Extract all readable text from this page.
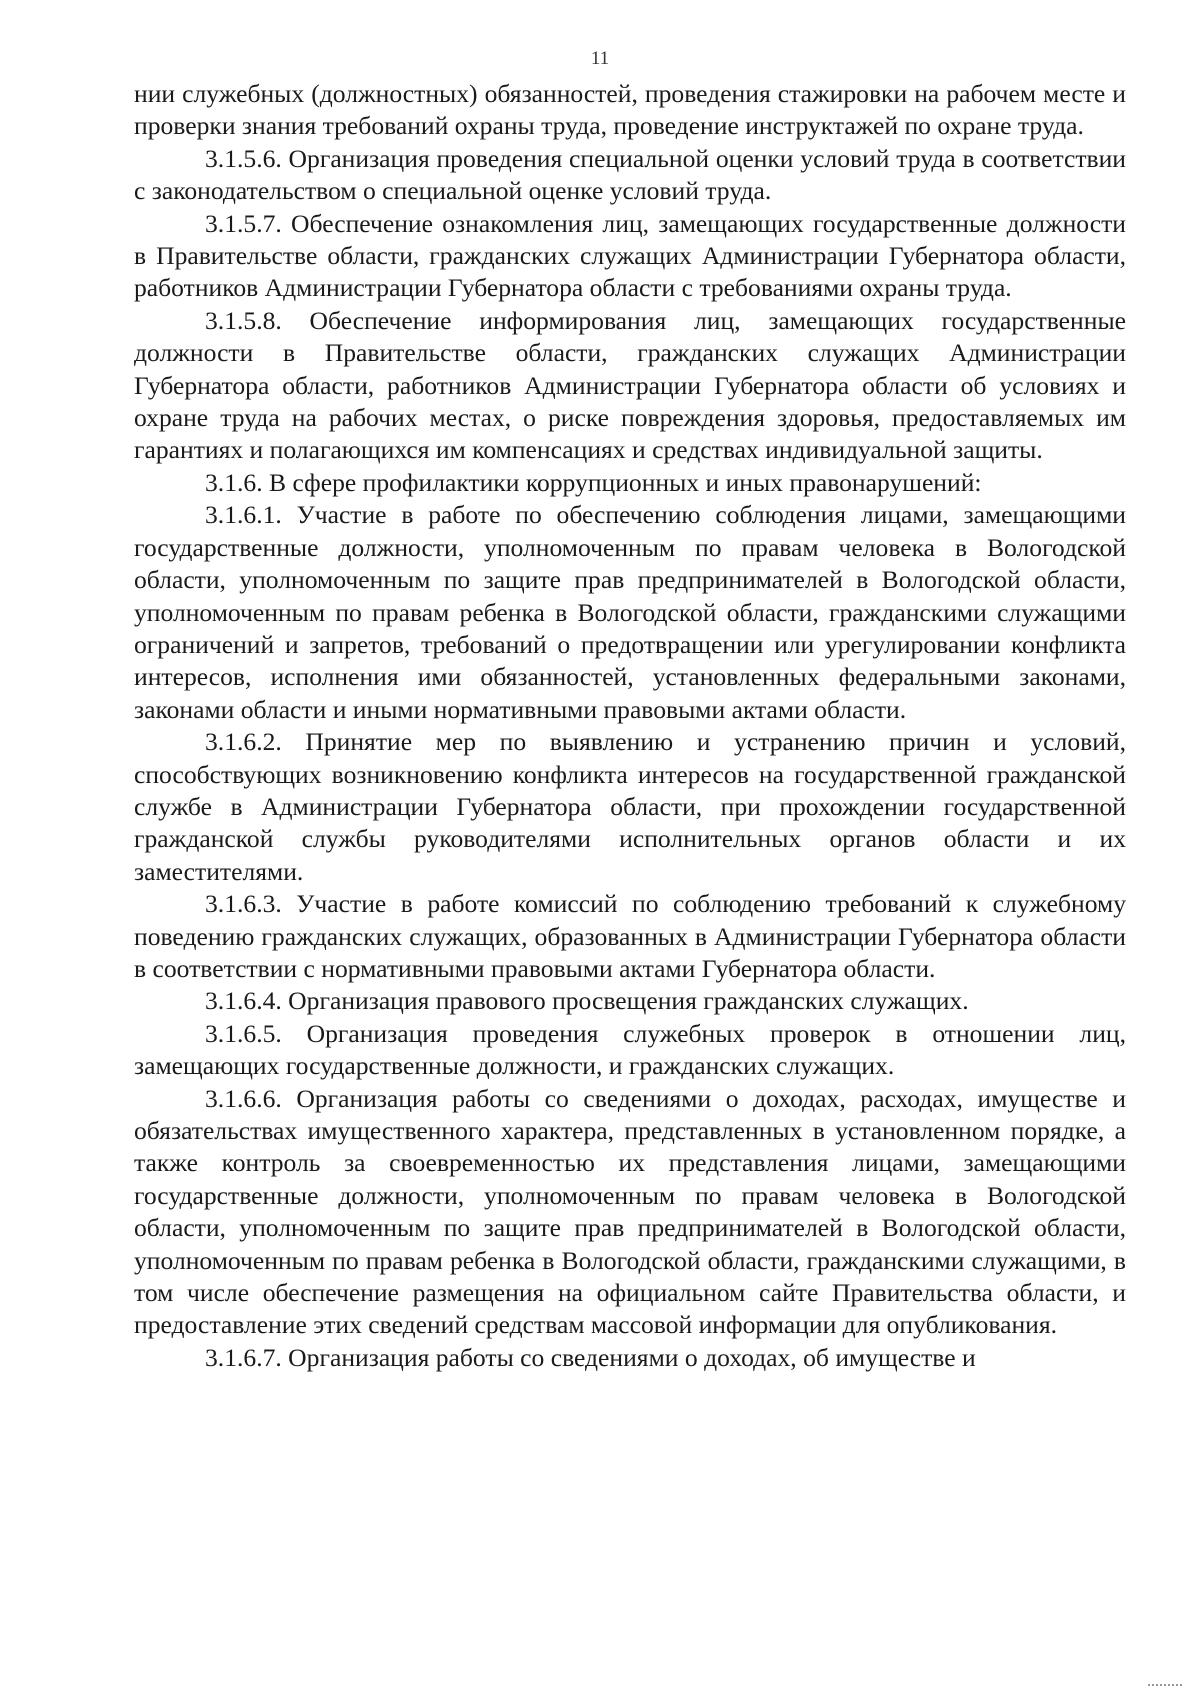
11

нии служебных (должностных) обязанностей, проведения стажировки на рабочем месте и проверки знания требований охраны труда, проведение инструктажей по охране труда.

3.1.5.6. Организация проведения специальной оценки условий труда в соответствии с законодательством о специальной оценке условий труда.

3.1.5.7. Обеспечение ознакомления лиц, замещающих государственные должности в Правительстве области, гражданских служащих Администрации Губернатора области, работников Администрации Губернатора области с требованиями охраны труда.

3.1.5.8. Обеспечение информирования лиц, замещающих государственные должности в Правительстве области, гражданских служащих Администрации Губернатора области, работников Администрации Губернатора области об условиях и охране труда на рабочих местах, о риске повреждения здоровья, предоставляемых им гарантиях и полагающихся им компенсациях и средствах индивидуальной защиты.

3.1.6. В сфере профилактики коррупционных и иных правонарушений:

3.1.6.1. Участие в работе по обеспечению соблюдения лицами, замещающими государственные должности, уполномоченным по правам человека в Вологодской области, уполномоченным по защите прав предпринимателей в Вологодской области, уполномоченным по правам ребенка в Вологодской области, гражданскими служащими ограничений и запретов, требований о предотвращении или урегулировании конфликта интересов, исполнения ими обязанностей, установленных федеральными законами, законами области и иными нормативными правовыми актами области.

3.1.6.2. Принятие мер по выявлению и устранению причин и условий, способствующих возникновению конфликта интересов на государственной гражданской службе в Администрации Губернатора области, при прохождении государственной гражданской службы руководителями исполнительных органов области и их заместителями.

3.1.6.3. Участие в работе комиссий по соблюдению требований к служебному поведению гражданских служащих, образованных в Администрации Губернатора области в соответствии с нормативными правовыми актами Губернатора области.

3.1.6.4. Организация правового просвещения гражданских служащих.

3.1.6.5. Организация проведения служебных проверок в отношении лиц, замещающих государственные должности, и гражданских служащих.

3.1.6.6. Организация работы со сведениями о доходах, расходах, имуществе и обязательствах имущественного характера, представленных в установленном порядке, а также контроль за своевременностью их представления лицами, замещающими государственные должности, уполномоченным по правам человека в Вологодской области, уполномоченным по защите прав предпринимателей в Вологодской области, уполномоченным по правам ребенка в Вологодской области, гражданскими служащими, в том числе обеспечение размещения на официальном сайте Правительства области, и предоставление этих сведений средствам массовой информации для опубликования.

3.1.6.7. Организация работы со сведениями о доходах, об имуществе и
